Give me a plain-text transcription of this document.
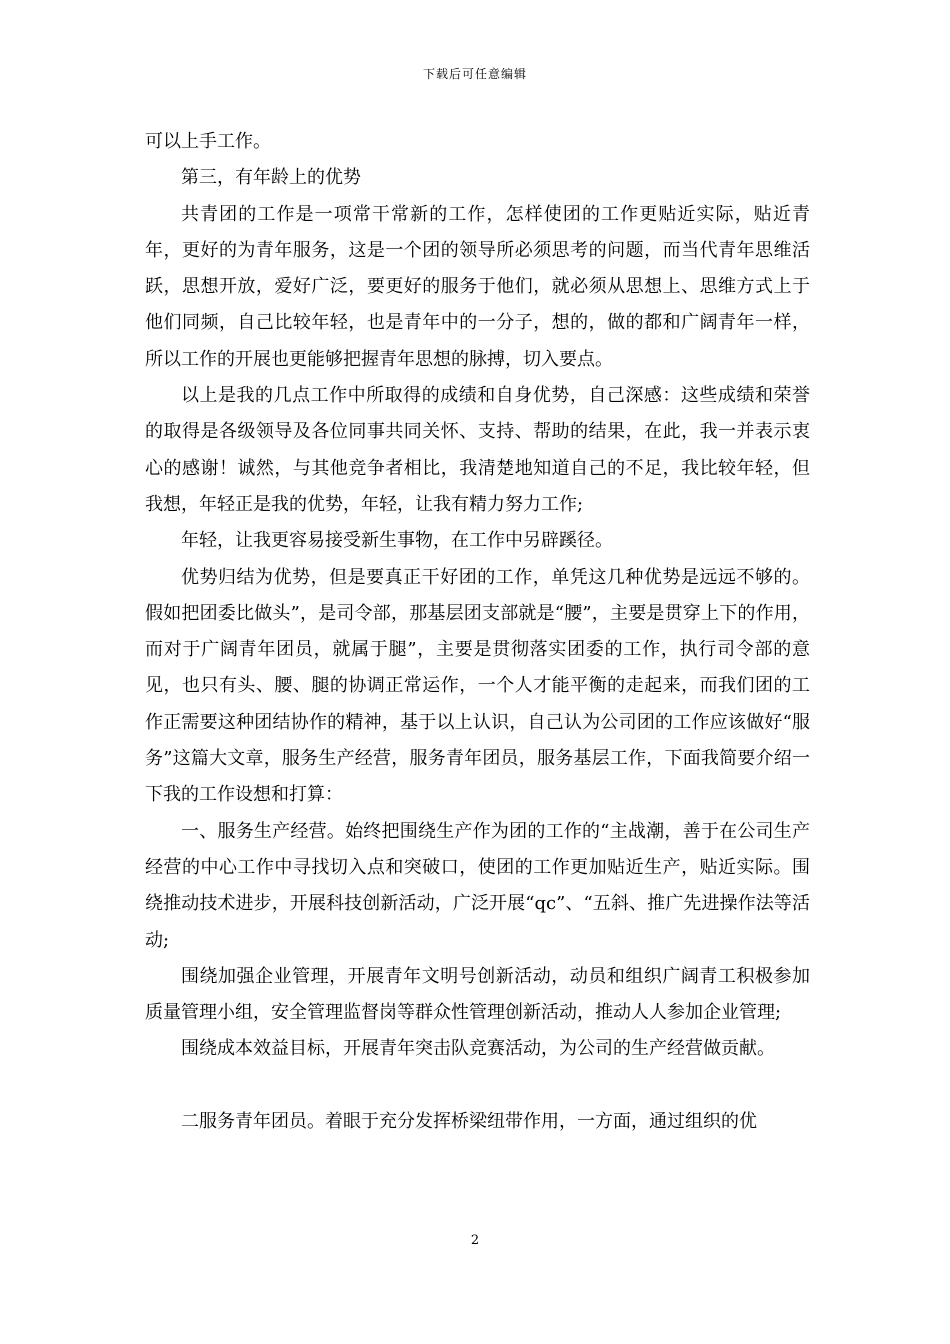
下载后可任意编辑

可以上手工作。

第三，有年龄上的优势

共青团的工作是一项常干常新的工作，怎样使团的工作更贴近实际，贴近青年，更好的为青年服务，这是一个团的领导所必须思考的问题，而当代青年思维活跃，思想开放，爱好广泛，要更好的服务于他们，就必须从思想上、思维方式上于他们同频，自己比较年轻，也是青年中的一分子，想的，做的都和广阔青年一样，所以工作的开展也更能够把握青年思想的脉搏，切入要点。

以上是我的几点工作中所取得的成绩和自身优势，自己深感：这些成绩和荣誉的取得是各级领导及各位同事共同关怀、支持、帮助的结果，在此，我一并表示衷心的感谢！诚然，与其他竞争者相比，我清楚地知道自己的不足，我比较年轻，但我想，年轻正是我的优势，年轻，让我有精力努力工作;

年轻，让我更容易接受新生事物，在工作中另辟蹊径。

优势归结为优势，但是要真正干好团的工作，单凭这几种优势是远远不够的。假如把团委比做头”，是司令部，那基层团支部就是“腰”，主要是贯穿上下的作用，而对于广阔青年团员，就属于腿”，主要是贯彻落实团委的工作，执行司令部的意见，也只有头、腰、腿的协调正常运作，一个人才能平衡的走起来，而我们团的工作正需要这种团结协作的精神，基于以上认识，自己认为公司团的工作应该做好“服务”这篇大文章，服务生产经营，服务青年团员，服务基层工作，下面我简要介绍一下我的工作设想和打算：

一、服务生产经营。始终把围绕生产作为团的工作的“主战潮，善于在公司生产经营的中心工作中寻找切入点和突破口，使团的工作更加贴近生产，贴近实际。围绕推动技术进步，开展科技创新活动，广泛开展“qc”、“五斜、推广先进操作法等活动;

围绕加强企业管理，开展青年文明号创新活动，动员和组织广阔青工积极参加质量管理小组，安全管理监督岗等群众性管理创新活动，推动人人参加企业管理;

围绕成本效益目标，开展青年突击队竞赛活动，为公司的生产经营做贡献。

二服务青年团员。着眼于充分发挥桥梁纽带作用，一方面，通过组织的优

2
